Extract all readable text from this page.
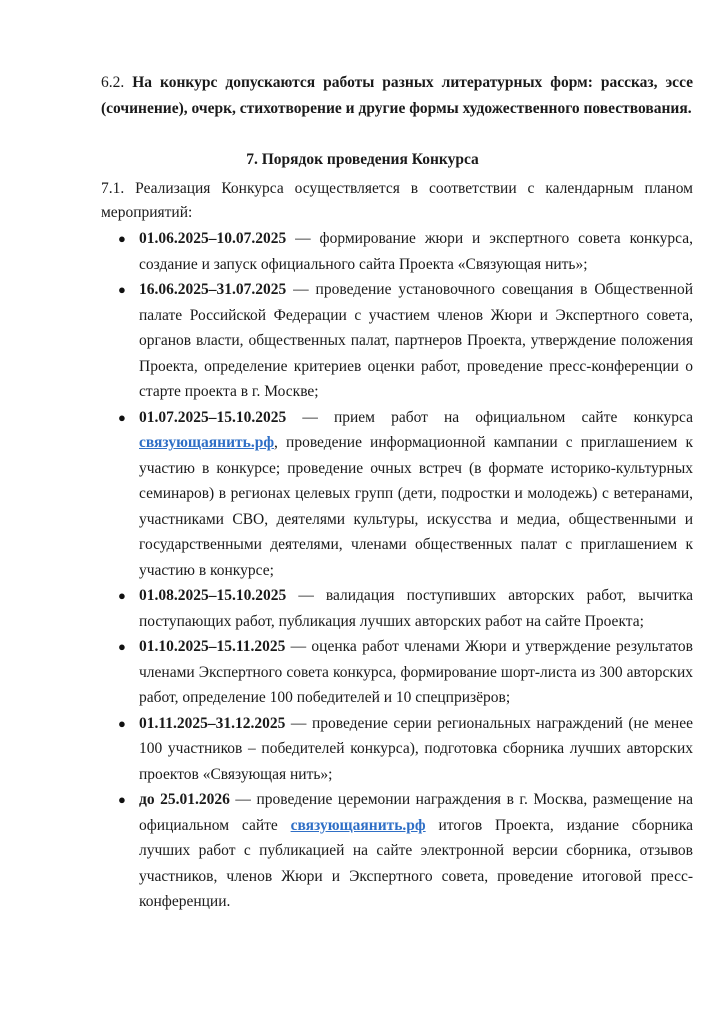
6.2. На конкурс допускаются работы разных литературных форм: рассказ, эссе (сочинение), очерк, стихотворение и другие формы художественного повествования.

7. Порядок проведения Конкурса

7.1. Реализация Конкурса осуществляется в соответствии с календарным планом мероприятий:

● 01.06.2025–10.07.2025 — формирование жюри и экспертного совета конкурса, создание и запуск официального сайта Проекта «Связующая нить»;
● 16.06.2025–31.07.2025 — проведение установочного совещания в Общественной палате Российской Федерации с участием членов Жюри и Экспертного совета, органов власти, общественных палат, партнеров Проекта, утверждение положения Проекта, определение критериев оценки работ, проведение пресс-конференции о старте проекта в г. Москве;
● 01.07.2025–15.10.2025 — прием работ на официальном сайте конкурса связующаянить.рф, проведение информационной кампании с приглашением к участию в конкурсе; проведение очных встреч (в формате историко-культурных семинаров) в регионах целевых групп (дети, подростки и молодежь) с ветеранами, участниками СВО, деятелями культуры, искусства и медиа, общественными и государственными деятелями, членами общественных палат с приглашением к участию в конкурсе;
● 01.08.2025–15.10.2025 — валидация поступивших авторских работ, вычитка поступающих работ, публикация лучших авторских работ на сайте Проекта;
● 01.10.2025–15.11.2025 — оценка работ членами Жюри и утверждение результатов членами Экспертного совета конкурса, формирование шорт-листа из 300 авторских работ, определение 100 победителей и 10 спецпризёров;
● 01.11.2025–31.12.2025 — проведение серии региональных награждений (не менее 100 участников – победителей конкурса), подготовка сборника лучших авторских проектов «Связующая нить»;
● до 25.01.2026 — проведение церемонии награждения в г. Москва, размещение на официальном сайте связующаянить.рф итогов Проекта, издание сборника лучших работ с публикацией на сайте электронной версии сборника, отзывов участников, членов Жюри и Экспертного совета, проведение итоговой пресс-конференции.
